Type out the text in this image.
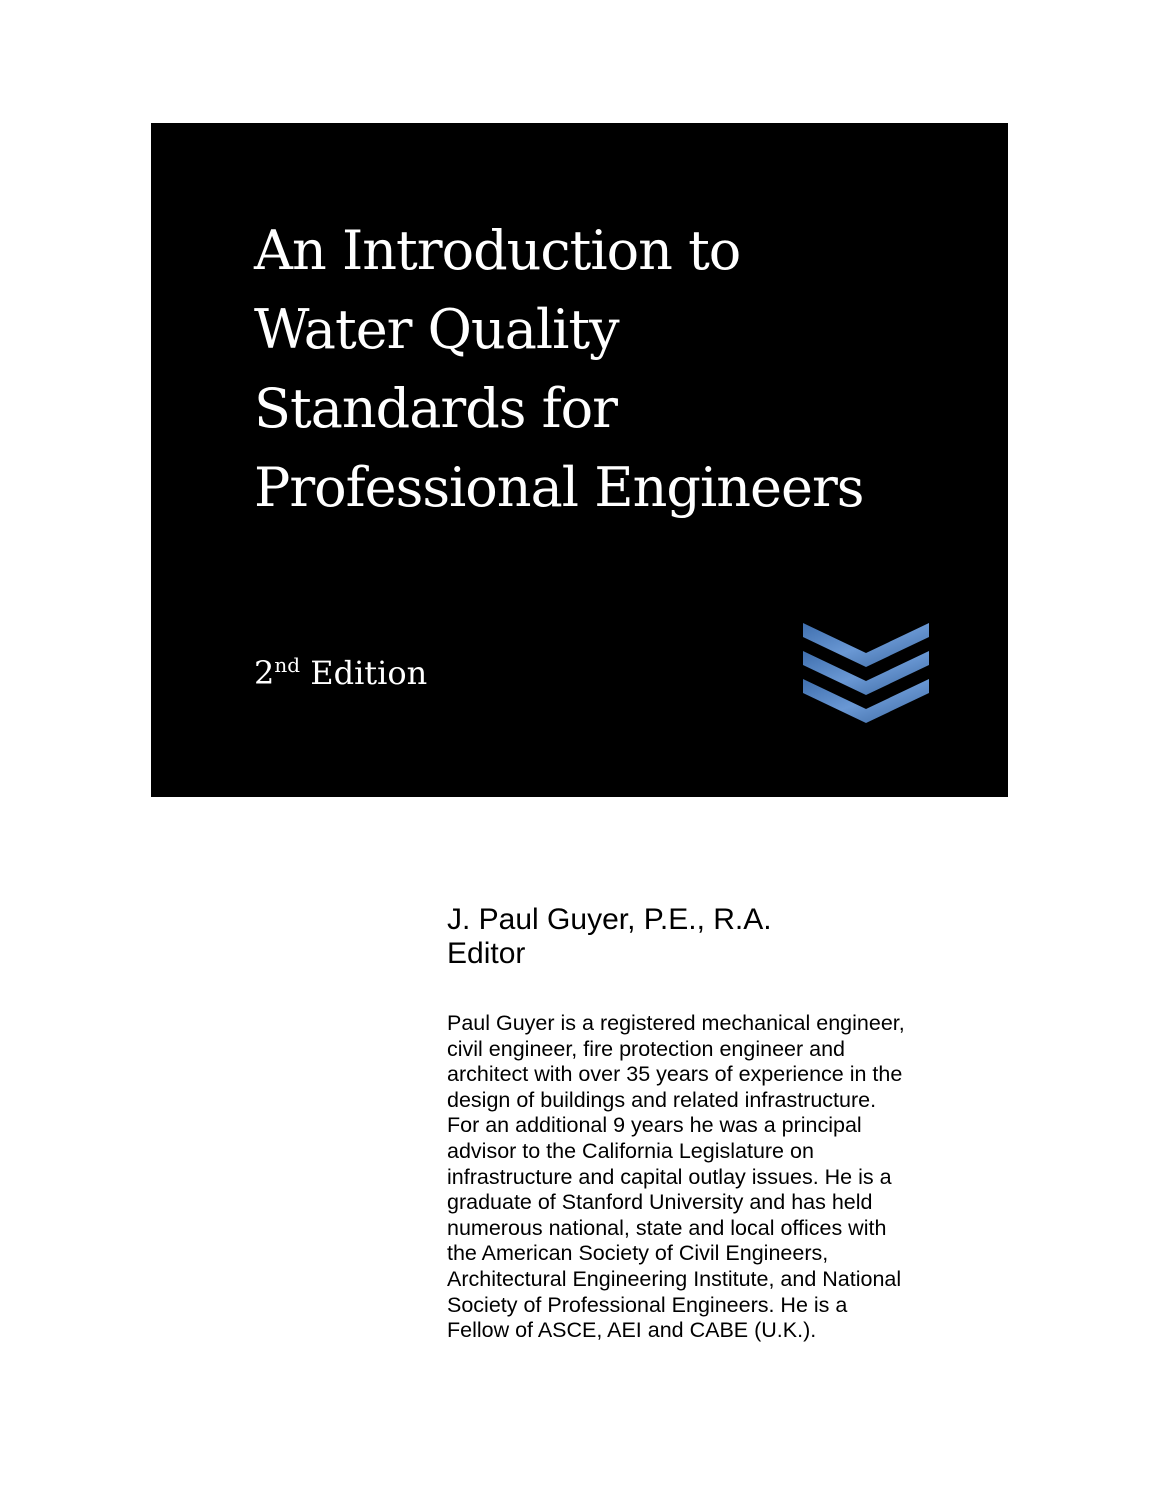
An Introduction to
Water Quality
Standards for
Professional Engineers
2nd Edition
J. Paul Guyer, P.E., R.A.
Editor
Paul Guyer is a registered mechanical engineer,
civil engineer, fire protection engineer and
architect with over 35 years of experience in the
design of buildings and related infrastructure.
For an additional 9 years he was a principal
advisor to the California Legislature on
infrastructure and capital outlay issues. He is a
graduate of Stanford University and has held
numerous national, state and local offices with
the American Society of Civil Engineers,
Architectural Engineering Institute, and National
Society of Professional Engineers. He is a
Fellow of ASCE, AEI and CABE (U.K.).
